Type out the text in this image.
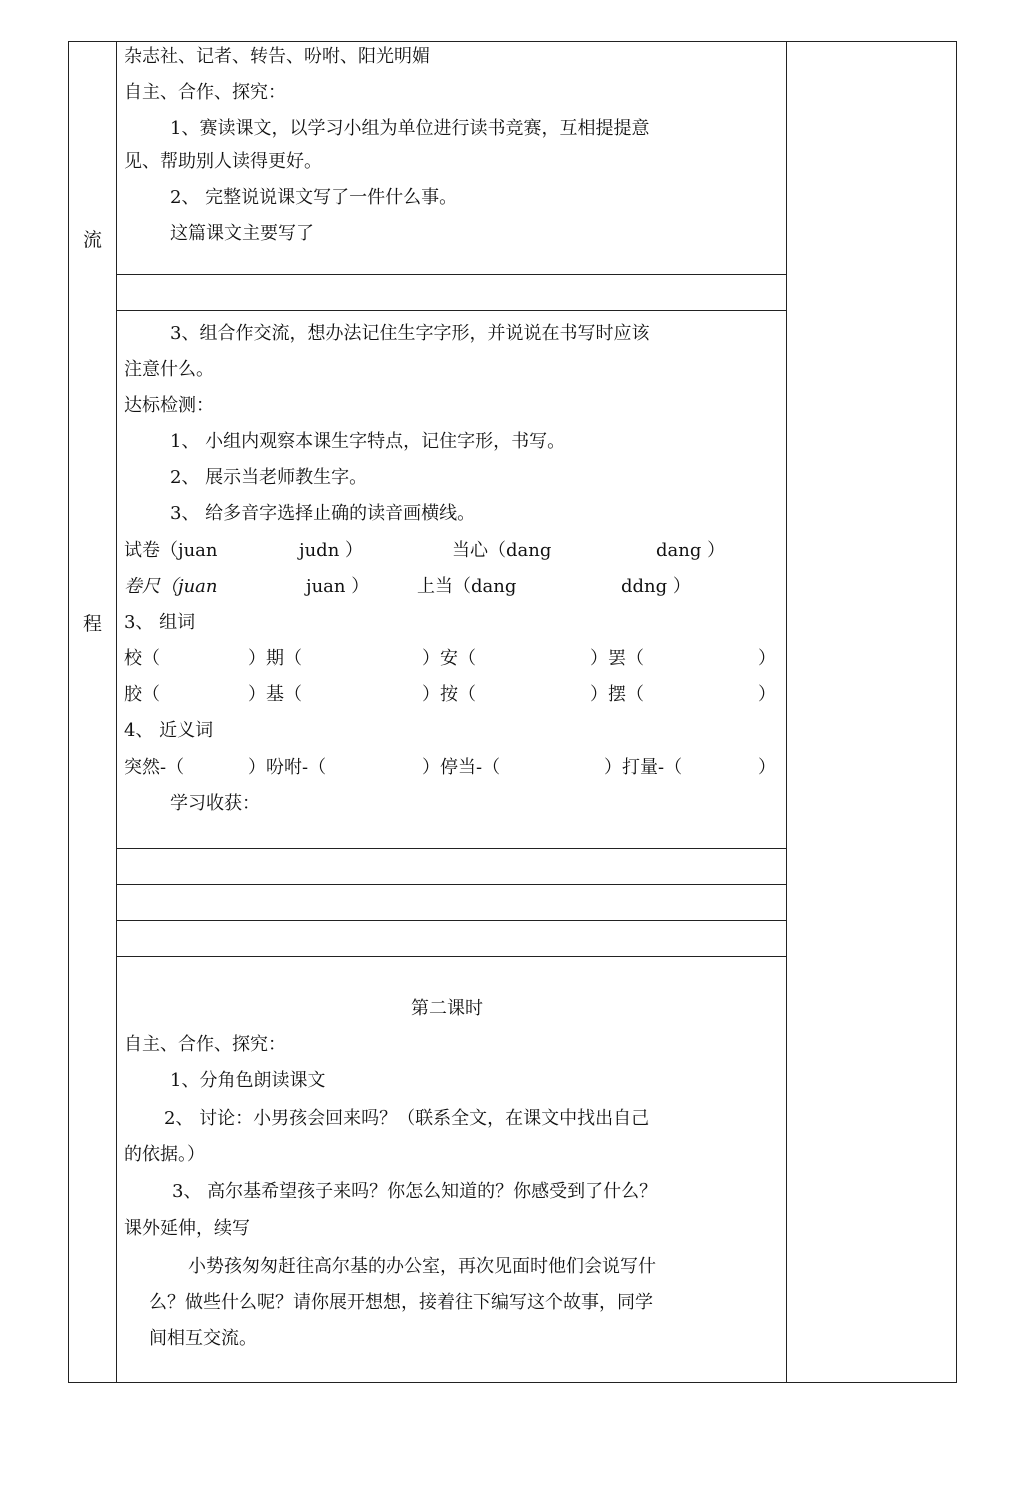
流
程
杂志社、记者、转告、吩咐、阳光明媚
自主、合作、探究：
1、赛读课文，以学习小组为单位进行读书竞赛，互相提提意
见、帮助别人读得更好。
2、 完整说说课文写了一件什么事。
这篇课文主要写了
3、组合作交流，想办法记住生字字形，并说说在书写时应该
注意什么。
达标检测：
1、 小组内观察本课生字特点，记住字形，书写。
2、 展示当老师教生字。
3、 给多音字选择止确的读音画横线。
试卷（juan	judn ）	当心（dang	dang ）
卷尺（juan	juan ）	上当（dang	ddng ）
3、 组词
校（	）期（	）安（	）罢（	）
胶（	）基（	）按（	）摆（	）
4、 近义词
突然-（	）吩咐-（	）停当-（	）打量-（	）
学习收获：
第二课时
自主、合作、探究：
1、分角色朗读课文
2、 讨论：小男孩会回来吗？（联系全文，在课文中找出自己
的依据。）
3、 高尔基希望孩子来吗？你怎么知道的？你感受到了什么？
课外延伸，续写
小势孩匆匆赶往高尔基的办公室，再次见面时他们会说写什
么？做些什么呢？请你展开想想，接着往下编写这个故事，同学
间相互交流。
